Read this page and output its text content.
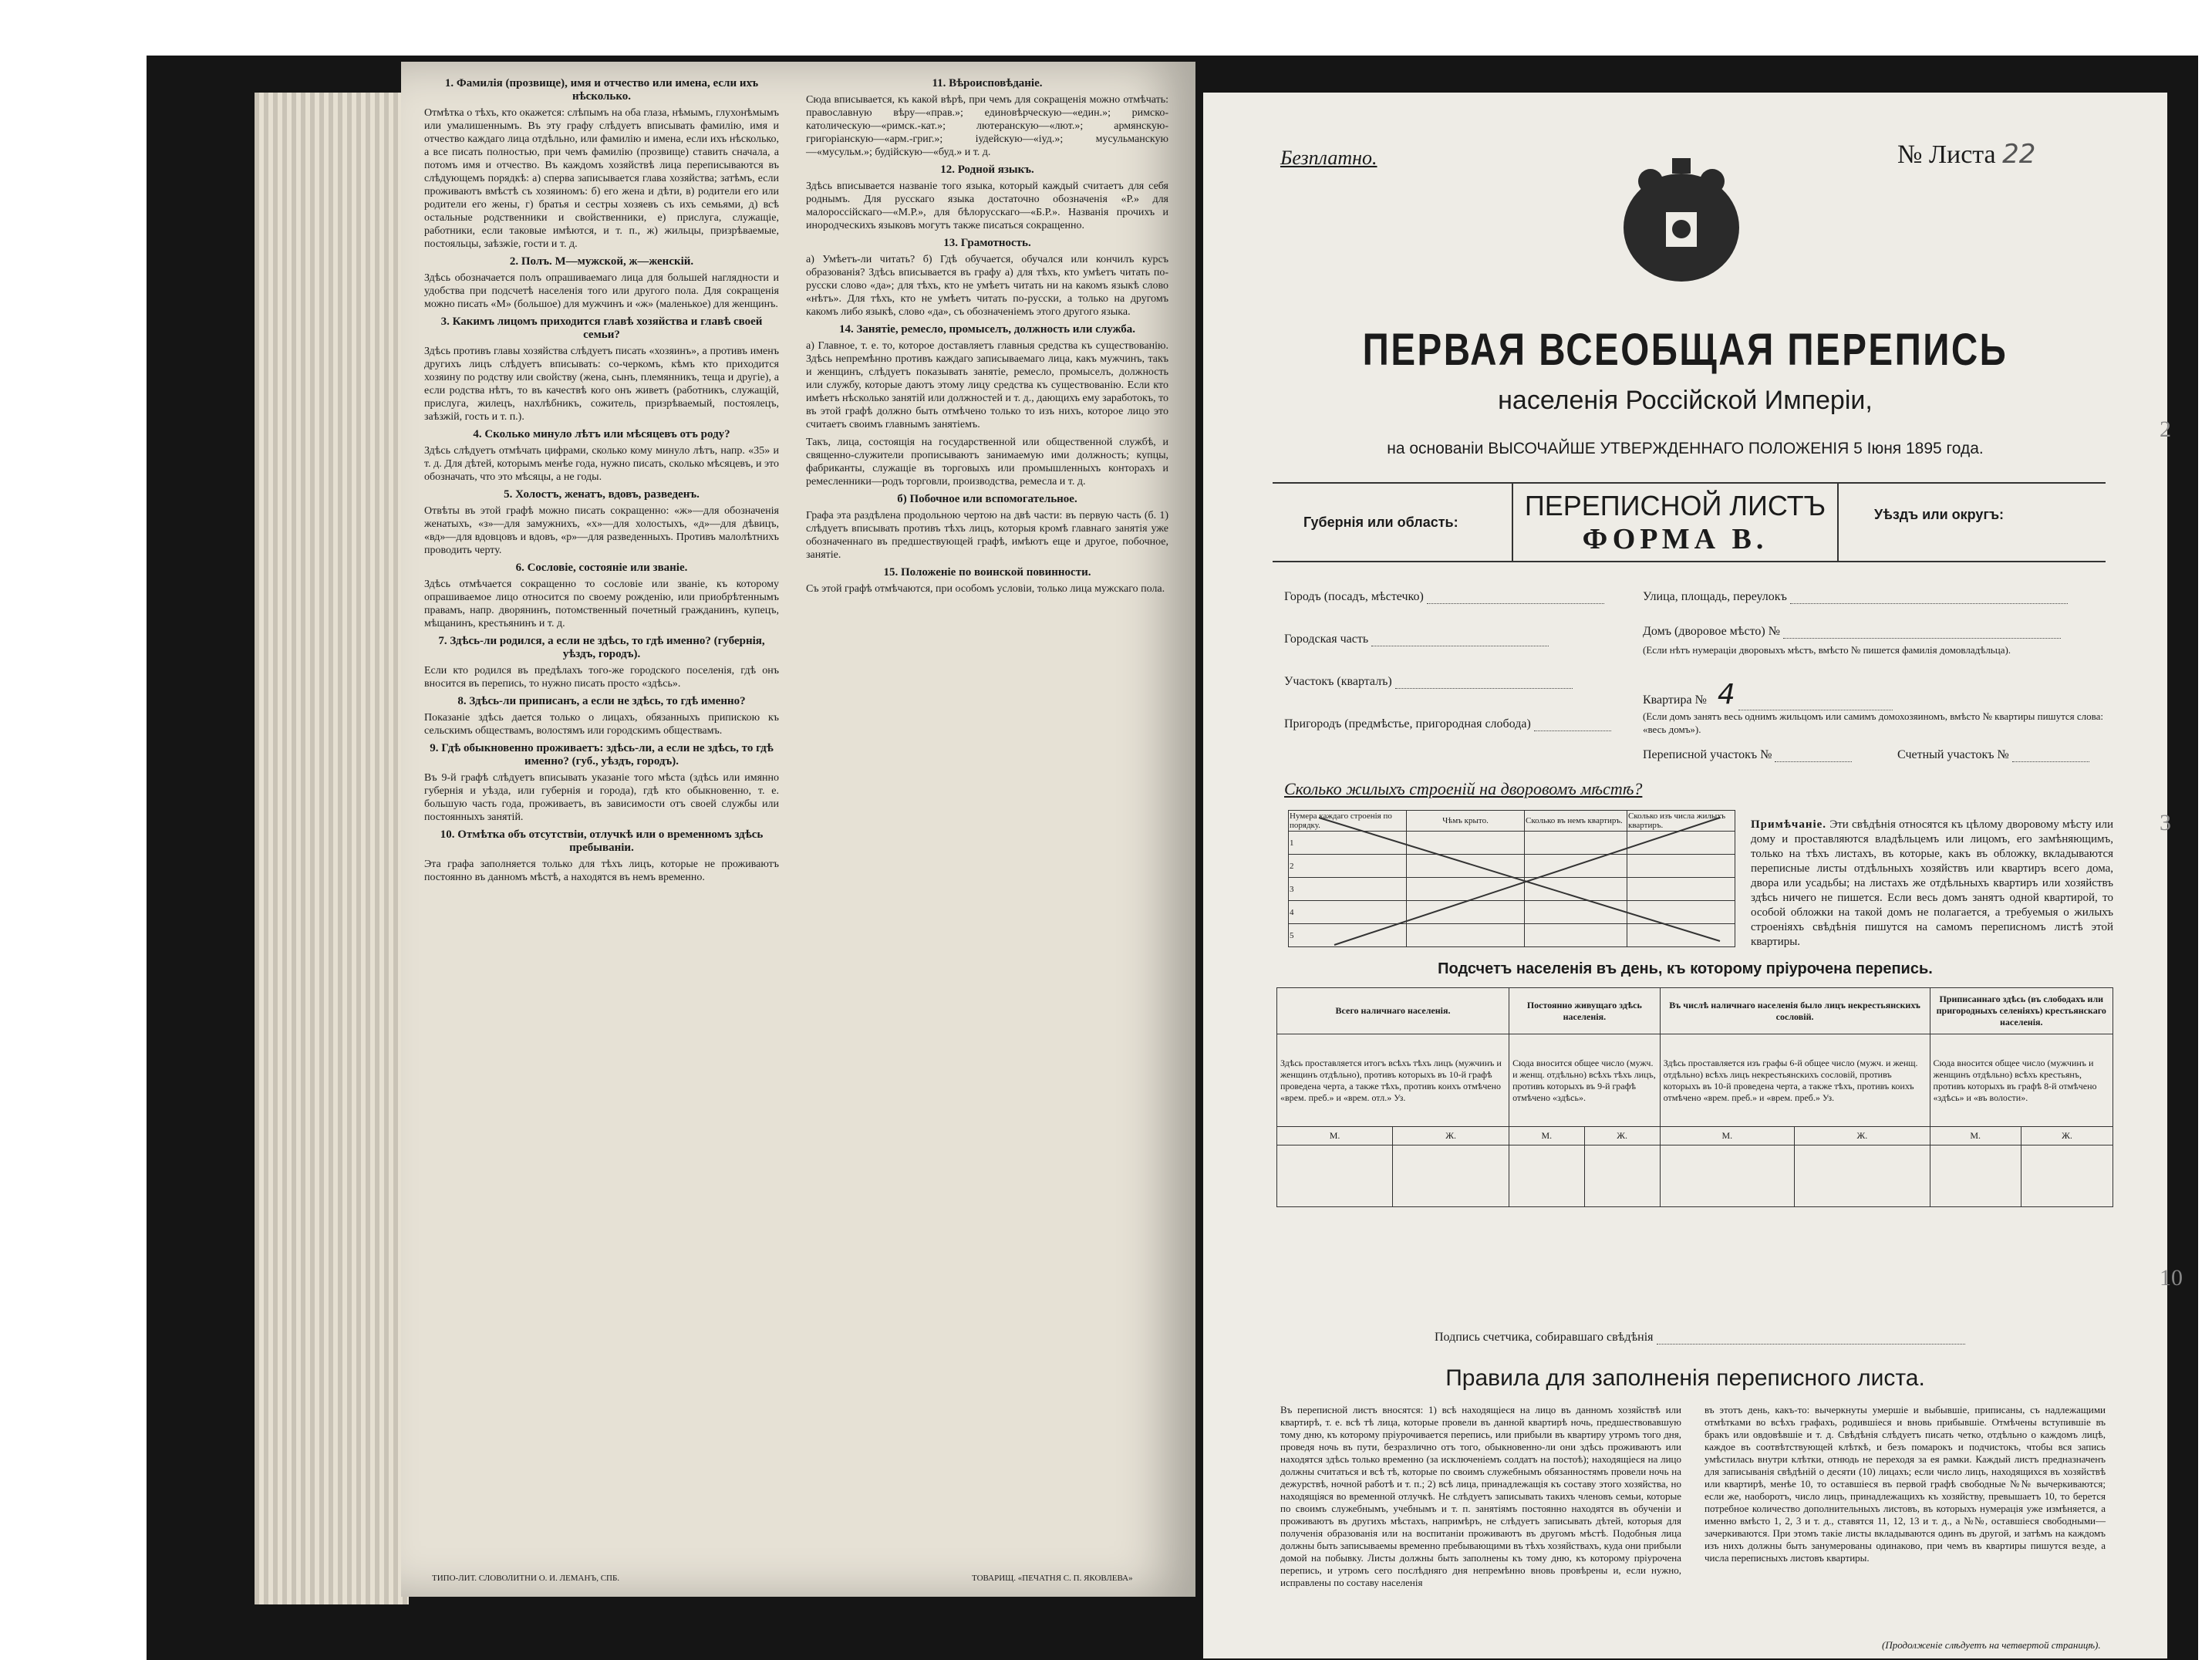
1. Фамилія (прозвище), имя и отчество или имена, если ихъ нѣсколько.

Отмѣтка о тѣхъ, кто окажется: слѣпымъ на оба глаза, нѣмымъ, глухонѣмымъ или умалишеннымъ. Въ эту графу слѣдуетъ вписывать фамилію, имя и отчество каждаго лица отдѣльно, или фамилію и имена, если ихъ нѣсколько, а все писать полностью, при чемъ фамилію (прозвище) ставить сначала, а потомъ имя и отчество. Въ каждомъ хозяйствѣ лица переписываются въ слѣдующемъ порядкѣ: а) сперва записывается глава хозяйства; затѣмъ, если проживаютъ вмѣстѣ съ хозяиномъ: б) его жена и дѣти, в) родители его или родители его жены, г) братья и сестры хозяевъ съ ихъ семьями, д) всѣ остальные родственники и свойственники, е) прислуга, служащіе, работники, если таковые имѣются, и т. п., ж) жильцы, призрѣваемые, постояльцы, заѣзжіе, гости и т. д.

2. Полъ. М—мужской, ж—женскій.

Здѣсь обозначается полъ опрашиваемаго лица для большей наглядности и удобства при подсчетѣ населенія того или другого пола. Для сокращенія можно писать «М» (большое) для мужчинъ и «ж» (маленькое) для женщинъ.

3. Какимъ лицомъ приходится главѣ хозяйства и главѣ своей семьи?

Здѣсь противъ главы хозяйства слѣдуетъ писать «хозяинъ», а противъ именъ другихъ лицъ слѣдуетъ вписывать: со-черкомъ, кѣмъ кто приходится хозяину по родству или свойству (жена, сынъ, племянникъ, теща и другіе), а если родства нѣтъ, то въ качествѣ кого онъ живетъ (работникъ, служащій, прислуга, жилецъ, нахлѣбникъ, сожитель, призрѣваемый, постоялецъ, заѣзжій, гость и т. п.).

4. Сколько минуло лѣтъ или мѣсяцевъ отъ роду?

Здѣсь слѣдуетъ отмѣчать цифрами, сколько кому минуло лѣтъ, напр. «35» и т. д. Для дѣтей, которымъ менѣе года, нужно писать, сколько мѣсяцевъ, и это обозначать, что это мѣсяцы, а не годы.

5. Холостъ, женатъ, вдовъ, разведенъ.

Отвѣты въ этой графѣ можно писать сокращенно: «ж»—для обозначенія женатыхъ, «з»—для замужнихъ, «х»—для холостыхъ, «д»—для дѣвицъ, «вд»—для вдовцовъ и вдовъ, «р»—для разведенныхъ. Противъ малолѣтнихъ проводить черту.

6. Сословіе, состояніе или званіе.

Здѣсь отмѣчается сокращенно то сословіе или званіе, къ которому опрашиваемое лицо относится по своему рожденію, или приобрѣтеннымъ правамъ, напр. дворянинъ, потомственный почетный гражданинъ, купецъ, мѣщанинъ, крестьянинъ и т. д.

7. Здѣсь-ли родился, а если не здѣсь, то гдѣ именно? (губернія, уѣздъ, городъ).

Если кто родился въ предѣлахъ того-же городского поселенія, гдѣ онъ вносится въ перепись, то нужно писать просто «здѣсь».

8. Здѣсь-ли приписанъ, а если не здѣсь, то гдѣ именно?

Показаніе здѣсь дается только о лицахъ, обязанныхъ припискою къ сельскимъ обществамъ, волостямъ или городскимъ обществамъ.

9. Гдѣ обыкновенно проживаетъ: здѣсь-ли, а если не здѣсь, то гдѣ именно? (губ., уѣздъ, городъ).

Въ 9-й графѣ слѣдуетъ вписывать указаніе того мѣста (здѣсь или имянно губернія и уѣзда, или губернія и города), гдѣ кто обыкновенно, т. е. большую часть года, проживаетъ, въ зависимости отъ своей службы или постоянныхъ занятій.

10. Отмѣтка объ отсутствіи, отлучкѣ или о временномъ здѣсь пребываніи.

Эта графа заполняется только для тѣхъ лицъ, которые не проживаютъ постоянно въ данномъ мѣстѣ, а находятся въ немъ временно.

11. Вѣроисповѣданіе.

Сюда вписывается, къ какой вѣрѣ, при чемъ для сокращенія можно отмѣчать: православную вѣру—«прав.»; единовѣрческую—«един.»; римско-католическую—«римск.-кат.»; лютеранскую—«лют.»; армянскую-григоріанскую—«арм.-григ.»; іудейскую—«іуд.»; мусульманскую—«мусульм.»; будійскую—«буд.» и т. д.

12. Родной языкъ.

Здѣсь вписывается названіе того языка, который каждый считаетъ для себя роднымъ. Для русскаго языка достаточно обозначенія «Р.» для малороссійскаго—«М.Р.», для бѣлорусскаго—«Б.Р.». Названія прочихъ и инородческихъ языковъ могутъ также писаться сокращенно.

13. Грамотность.

а) Умѣетъ-ли читать? б) Гдѣ обучается, обучался или кончилъ курсъ образованія? Здѣсь вписывается въ графу а) для тѣхъ, кто умѣетъ читать по-русски слово «да»; для тѣхъ, кто не умѣетъ читать ни на какомъ языкѣ слово «нѣтъ». Для тѣхъ, кто не умѣетъ читать по-русски, а только на другомъ какомъ либо языкѣ, слово «да», съ обозначеніемъ этого другого языка.

14. Занятіе, ремесло, промыселъ, должность или служба.

а) Главное, т. е. то, которое доставляетъ главныя средства къ существованію. Здѣсь непремѣнно противъ каждаго записываемаго лица, какъ мужчинъ, такъ и женщинъ, слѣдуетъ показывать занятіе, ремесло, промыселъ, должность или службу, которые даютъ этому лицу средства къ существованію. Если кто имѣетъ нѣсколько занятій или должностей и т. д., дающихъ ему заработокъ, то въ этой графѣ должно быть отмѣчено только то изъ нихъ, которое лицо это считаетъ своимъ главнымъ занятіемъ.

Такъ, лица, состоящія на государственной или общественной службѣ, и священно-служители прописываютъ занимаемую ими должность; купцы, фабриканты, служащіе въ торговыхъ или промышленныхъ конторахъ и ремесленники—родъ торговли, производства, ремесла и т. д.

б) Побочное или вспомогательное.

Графа эта раздѣлена продольною чертою на двѣ части: въ первую часть (б. 1) слѣдуетъ вписывать противъ тѣхъ лицъ, которыя кромѣ главнаго занятія уже обозначеннаго въ предшествующей графѣ, имѣютъ еще и другое, побочное, занятіе.

15. Положеніе по воинской повинности.

Съ этой графѣ отмѣчаются, при особомъ условіи, только лица мужскаго пола.

ТИПО-ЛИТ. СЛОВОЛИТНИ О. И. ЛЕМАНЪ, СПБ.	ТОВАРИЩ. «ПЕЧАТНЯ С. П. ЯКОВЛЕВА»
Безплатно.	№ Листа 22
ПЕРВАЯ ВСЕОБЩАЯ ПЕРЕПИСЬ
населенія Россійской Имперіи,
на основаніи ВЫСОЧАЙШЕ УТВЕРЖДЕННАГО ПОЛОЖЕНІЯ 5 Іюня 1895 года.
Губернія или область:
ПЕРЕПИСНОЙ ЛИСТЪ
ФОРМА В.
Уѣздъ или округъ:
Городъ (посадъ, мѣстечко)
Городская часть
Участокъ (кварталъ)
Пригородъ (предмѣстье, пригородная слобода)
Улица, площадь, переулокъ
Домъ (дворовое мѣсто) №
(Если нѣтъ нумераціи дворовыхъ мѣстъ, вмѣсто № пишется фамилія домовладѣльца).
Квартира № 4
(Если домъ занятъ весь однимъ жильцомъ или самимъ домохозяиномъ, вмѣсто № квартиры пишутся слова: «весь домъ»).
Переписной участокъ №	Счетный участокъ №
Сколько жилыхъ строеній на дворовомъ мѣстѣ?
Нумера каждаго строенія по порядку.	Чѣмъ крыто.	Сколько въ немъ квартиръ.	Сколько изъ числа жилыхъ квартиръ.
1			
2			
3			
4			
5			
Примѣчаніе. Эти свѣдѣнія относятся къ цѣлому дворовому мѣсту или дому и проставляются владѣльцемъ или лицомъ, его замѣняющимъ, только на тѣхъ листахъ, въ которые, какъ въ обложку, вкладываются переписные листы отдѣльныхъ хозяйствъ или квартиръ всего дома, двора или усадьбы; на листахъ же отдѣльныхъ квартиръ или хозяйствъ здѣсь ничего не пишется. Если весь домъ занятъ одной квартирой, то особой обложки на такой домъ не полагается, а требуемыя о жилыхъ строеніяхъ свѣдѣнія пишутся на самомъ переписномъ листѣ этой квартиры.
Подсчетъ населенія въ день, къ которому пріурочена перепись.
Всего наличнаго населенія.		Постоянно живущаго здѣсь населенія.		Въ числѣ наличнаго населенія было лицъ некрестьянскихъ сословій.		Приписаннаго здѣсь (въ слободахъ или пригородныхъ селеніяхъ) крестьянскаго населенія.	
Здѣсь проставляется итогъ всѣхъ тѣхъ лицъ (мужчинъ и женщинъ отдѣльно), противъ которыхъ въ 10-й графѣ проведена черта, а также тѣхъ, противъ коихъ отмѣчено «врем. преб.» и «врем. отл.» Уз.		Сюда вносится общее число (мужч. и женщ. отдѣльно) всѣхъ тѣхъ лицъ, противъ которыхъ въ 9-й графѣ отмѣчено «здѣсь».		Здѣсь проставляется изъ графы 6-й общее число (мужч. и женщ. отдѣльно) всѣхъ лицъ некрестьянскихъ сословій, противъ которыхъ въ 10-й проведена черта, а также тѣхъ, противъ коихъ отмѣчено «врем. преб.» и «врем. преб.» Уз.		Сюда вносится общее число (мужчинъ и женщинъ отдѣльно) всѣхъ крестьянъ, противъ которыхъ въ графѣ 8-й отмѣчено «здѣсь» и «въ волости».	
М.	Ж.	М.	Ж.	М.	Ж.	М.	Ж.

Подпись счетчика, собиравшаго свѣдѣнія
Правила для заполненія переписного листа.
Въ переписной листъ вносятся: 1) всѣ находящіеся на лицо въ данномъ хозяйствѣ или квартирѣ, т. е. всѣ тѣ лица, которые провели въ данной квартирѣ ночь, предшествовавшую тому дню, къ которому пріурочивается перепись, или прибыли въ квартиру утромъ того дня, проведя ночь въ пути, безразлично отъ того, обыкновенно-ли они здѣсь проживаютъ или находятся здѣсь только временно (за исключеніемъ солдатъ на постоѣ); находящіеся на лицо должны считаться и всѣ тѣ, которые по своимъ служебнымъ обязанностямъ провели ночь на дежурствѣ, ночной работѣ и т. п.; 2) всѣ лица, принадлежащія къ составу этого хозяйства, но находящіяся во временной отлучкѣ. Не слѣдуетъ записывать такихъ членовъ семьи, которые по своимъ служебнымъ, учебнымъ и т. п. занятіямъ постоянно находятся въ обученіи и проживаютъ въ другихъ мѣстахъ, напримѣръ, не слѣдуетъ записывать дѣтей, которыя для полученія образованія или на воспитаніи проживаютъ въ другомъ мѣстѣ. Подобныя лица должны быть записываемы временно пребывающими въ тѣхъ хозяйствахъ, куда они прибыли домой на побывку. Листы должны быть заполнены къ тому дню, къ которому пріурочена перепись, и утромъ сего послѣдняго дня непремѣнно вновь провѣрены и, если нужно, исправлены по составу населенія
въ этотъ день, какъ-то: вычеркнуты умершіе и выбывшіе, приписаны, съ надлежащими отмѣтками во всѣхъ графахъ, родившіеся и вновь прибывшіе. Отмѣчены вступившіе въ бракъ или овдовѣвшіе и т. д. Свѣдѣнія слѣдуетъ писать четко, отдѣльно о каждомъ лицѣ, каждое въ соотвѣтствующей клѣткѣ, и безъ помарокъ и подчистокъ, чтобы вся запись умѣстилась внутри клѣтки, отнюдь не переходя за ея рамки. Каждый листъ предназначенъ для записыванія свѣдѣній о десяти (10) лицахъ; если число лицъ, находящихся въ хозяйствѣ или квартирѣ, менѣе 10, то оставшіеся въ первой графѣ свободные №№ вычеркиваются; если же, наоборотъ, число лицъ, принадлежащихъ къ хозяйству, превышаетъ 10, то берется потребное количество дополнительныхъ листовъ, въ которыхъ нумерація уже измѣняется, а именно вмѣсто 1, 2, 3 и т. д., ставятся 11, 12, 13 и т. д., а №№, оставшіеся свободными—зачеркиваются. При этомъ такіе листы вкладываются одинъ въ другой, и затѣмъ на каждомъ изъ нихъ должны быть занумерованы одинаково, при чемъ въ квартиры пишутся везде, а числа переписныхъ листовъ квартиры.
(Продолженіе слѣдуетъ на четвертой страницѣ).
2
3
10
